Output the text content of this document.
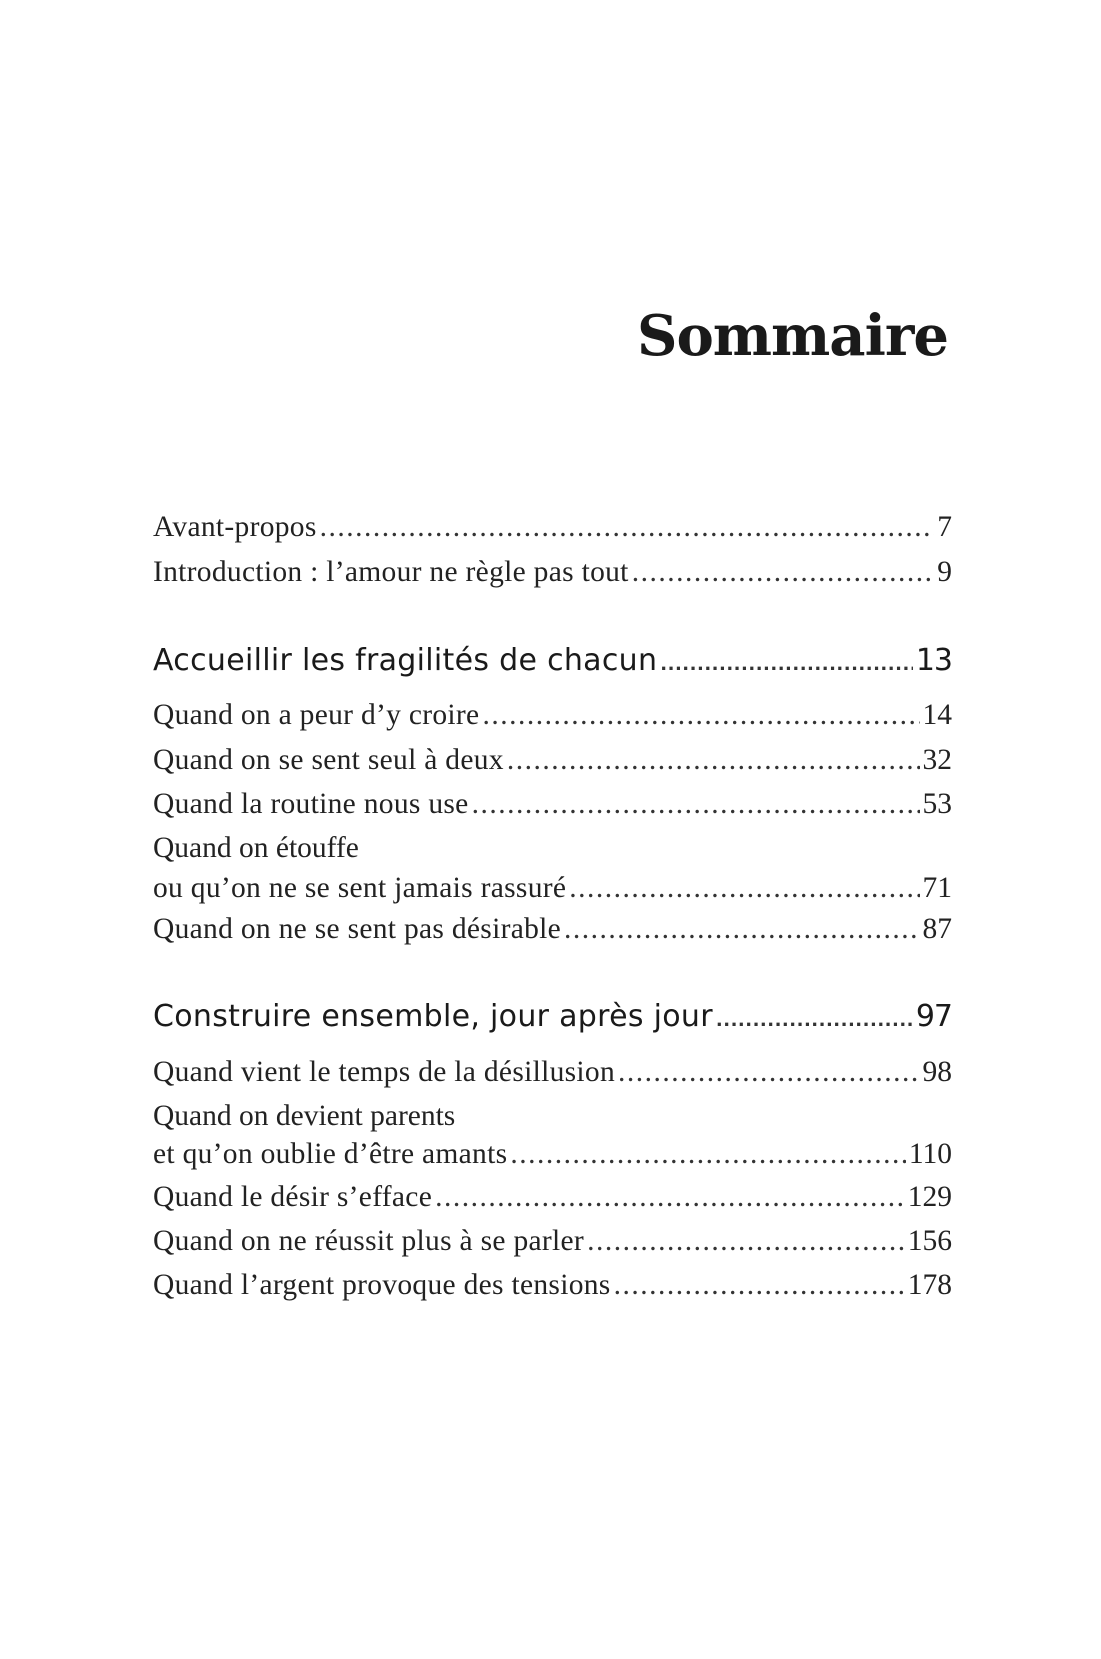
Sommaire
Avant-propos .....	7
Introduction : l’amour ne règle pas tout .....	9
Accueillir les fragilités de chacun .....	13
Quand on a peur d’y croire .....	14
Quand on se sent seul à deux .....	32
Quand la routine nous use .....	53
Quand on étouffe
ou qu’on ne se sent jamais rassuré .....	71
Quand on ne se sent pas désirable .....	87
Construire ensemble, jour après jour .....	97
Quand vient le temps de la désillusion .....	98
Quand on devient parents
et qu’on oublie d’être amants .....	110
Quand le désir s’efface .....	129
Quand on ne réussit plus à se parler .....	156
Quand l’argent provoque des tensions .....	178
